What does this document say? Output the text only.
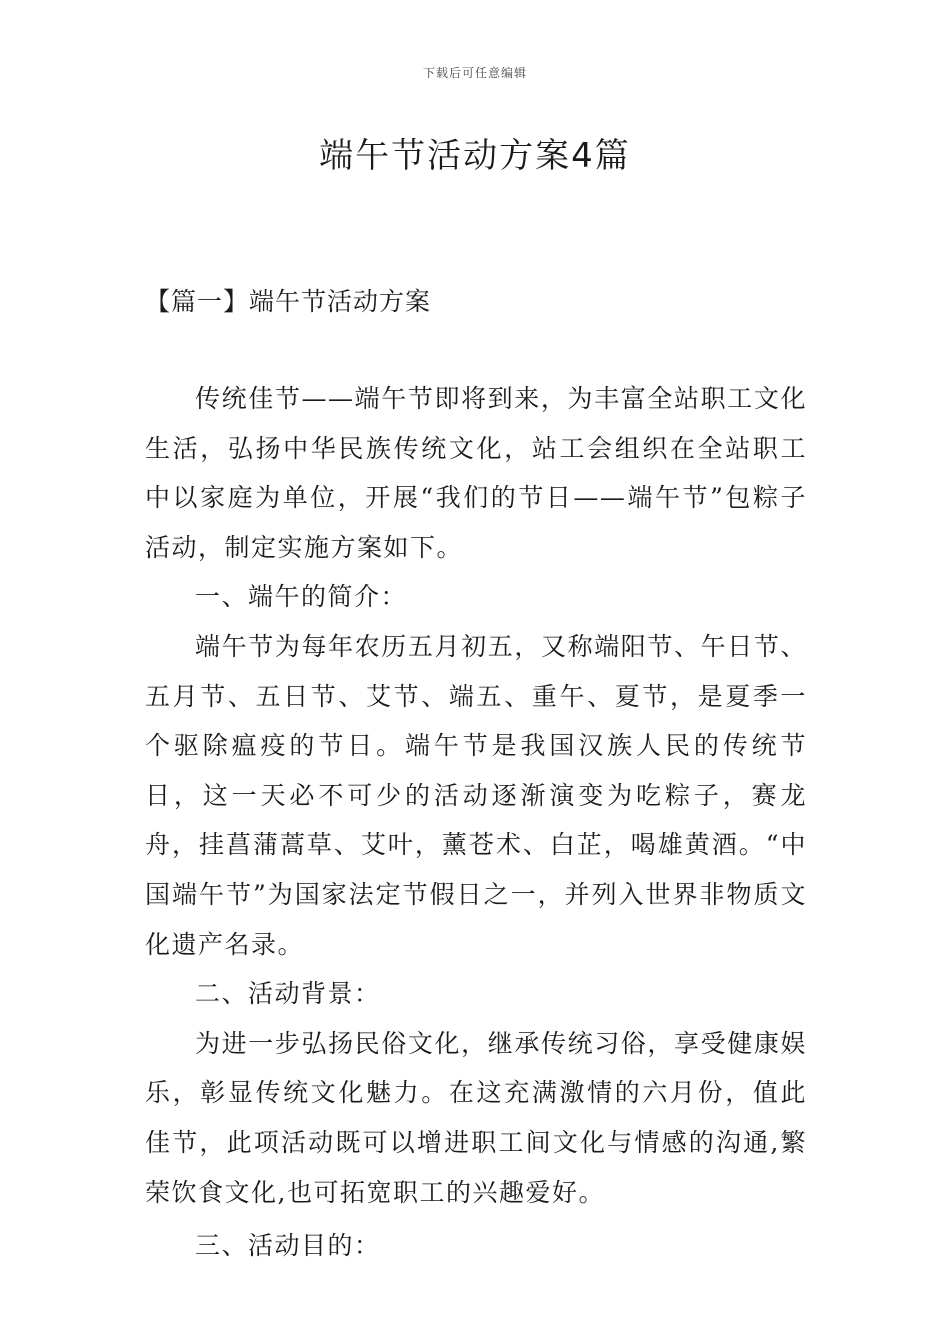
下载后可任意编辑
端午节活动方案4篇
【篇一】端午节活动方案

传统佳节——端午节即将到来，为丰富全站职工文化生活，弘扬中华民族传统文化，站工会组织在全站职工中以家庭为单位，开展“我们的节日——端午节”包粽子活动，制定实施方案如下。

一、端午的简介：

端午节为每年农历五月初五，又称端阳节、午日节、五月节、五日节、艾节、端五、重午、夏节，是夏季一个驱除瘟疫的节日。端午节是我国汉族人民的传统节日，这一天必不可少的活动逐渐演变为吃粽子，赛龙舟，挂菖蒲蒿草、艾叶，薰苍术、白芷，喝雄黄酒。“中国端午节”为国家法定节假日之一，并列入世界非物质文化遗产名录。

二、活动背景：

为进一步弘扬民俗文化，继承传统习俗，享受健康娱乐，彰显传统文化魅力。在这充满激情的六月份，值此佳节，此项活动既可以增进职工间文化与情感的沟通,繁荣饮食文化,也可拓宽职工的兴趣爱好。

三、活动目的：
